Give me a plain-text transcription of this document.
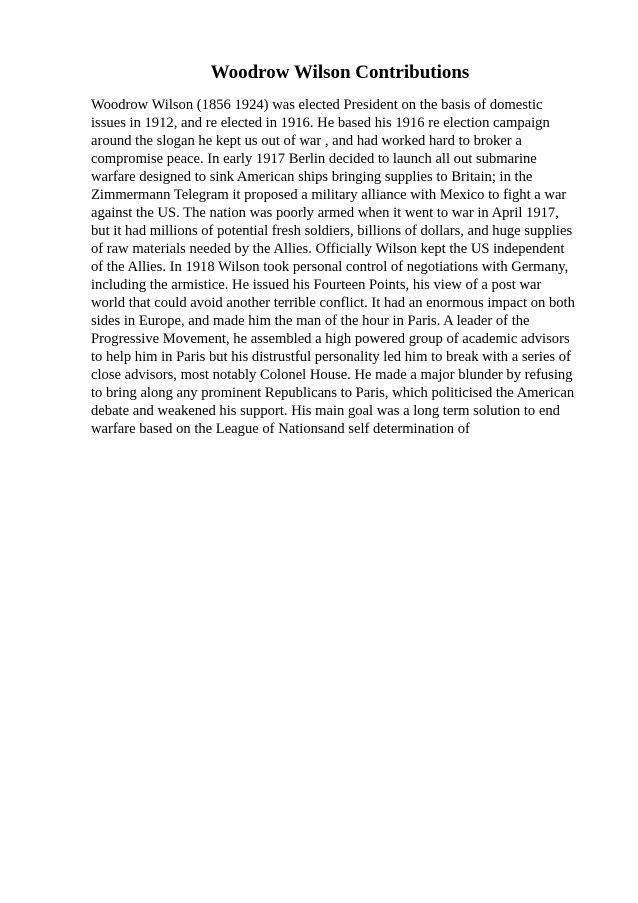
Woodrow Wilson Contributions
Woodrow Wilson (1856 1924) was elected President on the basis of domestic
issues in 1912, and re elected in 1916. He based his 1916 re election campaign
around the slogan he kept us out of war , and had worked hard to broker a
compromise peace. In early 1917 Berlin decided to launch all out submarine
warfare designed to sink American ships bringing supplies to Britain; in the
Zimmermann Telegram it proposed a military alliance with Mexico to fight a war
against the US. The nation was poorly armed when it went to war in April 1917,
but it had millions of potential fresh soldiers, billions of dollars, and huge supplies
of raw materials needed by the Allies. Officially Wilson kept the US independent
of the Allies. In 1918 Wilson took personal control of negotiations with Germany,
including the armistice. He issued his Fourteen Points, his view of a post war
world that could avoid another terrible conflict. It had an enormous impact on both
sides in Europe, and made him the man of the hour in Paris. A leader of the
Progressive Movement, he assembled a high powered group of academic advisors
to help him in Paris but his distrustful personality led him to break with a series of
close advisors, most notably Colonel House. He made a major blunder by refusing
to bring along any prominent Republicans to Paris, which politicised the American
debate and weakened his support. His main goal was a long term solution to end
warfare based on the League of Nationsand self determination of
